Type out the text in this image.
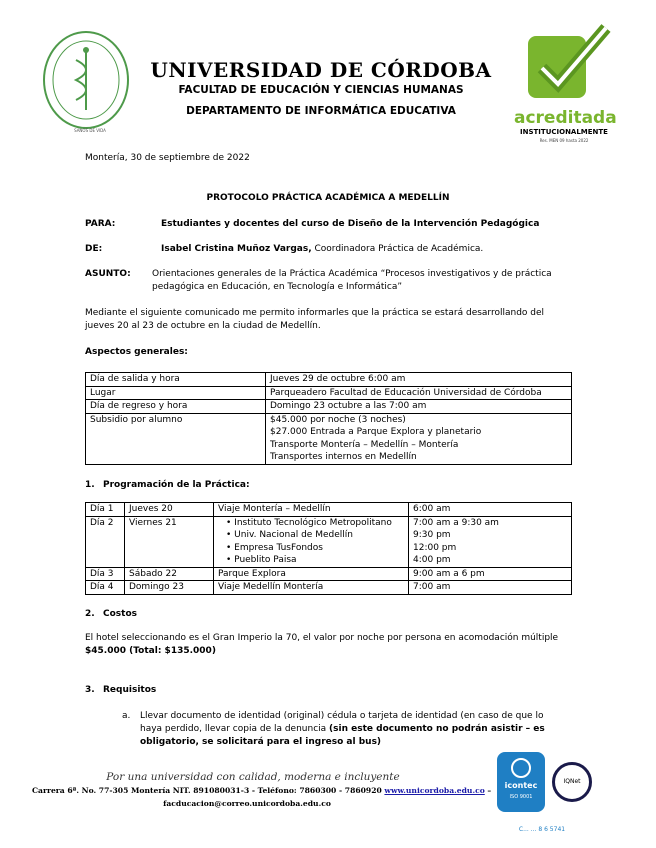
SANOS DE VIDA
UNIVERSIDAD DE CÓRDOBA
FACULTAD DE EDUCACIÓN Y CIENCIAS HUMANAS
DEPARTAMENTO DE INFORMÁTICA EDUCATIVA	acreditada
INSTITUCIONALMENTE
Res. MEN 09 hasta 2022
Montería, 30 de septiembre de 2022
PROTOCOLO PRÁCTICA ACADÉMICA A MEDELLÍN
PARA:	Estudiantes y docentes del curso de Diseño de la Intervención Pedagógica
DE:	Isabel Cristina Muñoz Vargas, Coordinadora Práctica de Académica.
ASUNTO: Orientaciones generales de la Práctica Académica “Procesos investigativos y de práctica
pedagógica en Educación, en Tecnología e Informática”
Mediante el siguiente comunicado me permito informarles que la práctica se estará desarrollando del
jueves 20 al 23 de octubre en la ciudad de Medellín.
Aspectos generales:
Día de salida y hora	Jueves 29 de octubre 6:00 am
Lugar	Parqueadero Facultad de Educación Universidad de Córdoba
Día de regreso y hora	Domingo 23 octubre a las 7:00 am
Subsidio por alumno	$45.000 por noche (3 noches)
$27.000 Entrada a Parque Explora y planetario
Transporte Montería – Medellín – Montería
Transportes internos en Medellín
1. Programación de la Práctica:
Día 1	Jueves 20	Viaje Montería – Medellín	6:00 am
Día 2	Viernes 21	• Instituto Tecnológico Metropolitano
• Univ. Nacional de Medellín
• Empresa TusFondos
• Pueblito Paisa	7:00 am a 9:30 am
9:30 pm
12:00 pm
4:00 pm

Día 3	Sábado 22	Parque Explora	9:00 am a 6 pm
Día 4	Domingo 23	Viaje Medellín Montería	7:00 am
2. Costos
El hotel seleccionando es el Gran Imperio la 70, el valor por noche por persona en acomodación múltiple
$45.000 (Total: $135.000)
3. Requisitos
a. Llevar documento de identidad (original) cédula o tarjeta de identidad (en caso de que lo
haya perdido, llevar copia de la denuncia (sin este documento no podrán asistir – es
obligatorio, se solicitará para el ingreso al bus)
Por una universidad con calidad, moderna e incluyente
Carrera 6ª. No. 77-305 Montería NIT. 891080031-3 - Teléfono: 7860300 - 7860920 www.unicordoba.edu.co –
facducacion@correo.unicordoba.edu.co
icontec
ISO 9001
IQNet
C... ... 8 6 5741
